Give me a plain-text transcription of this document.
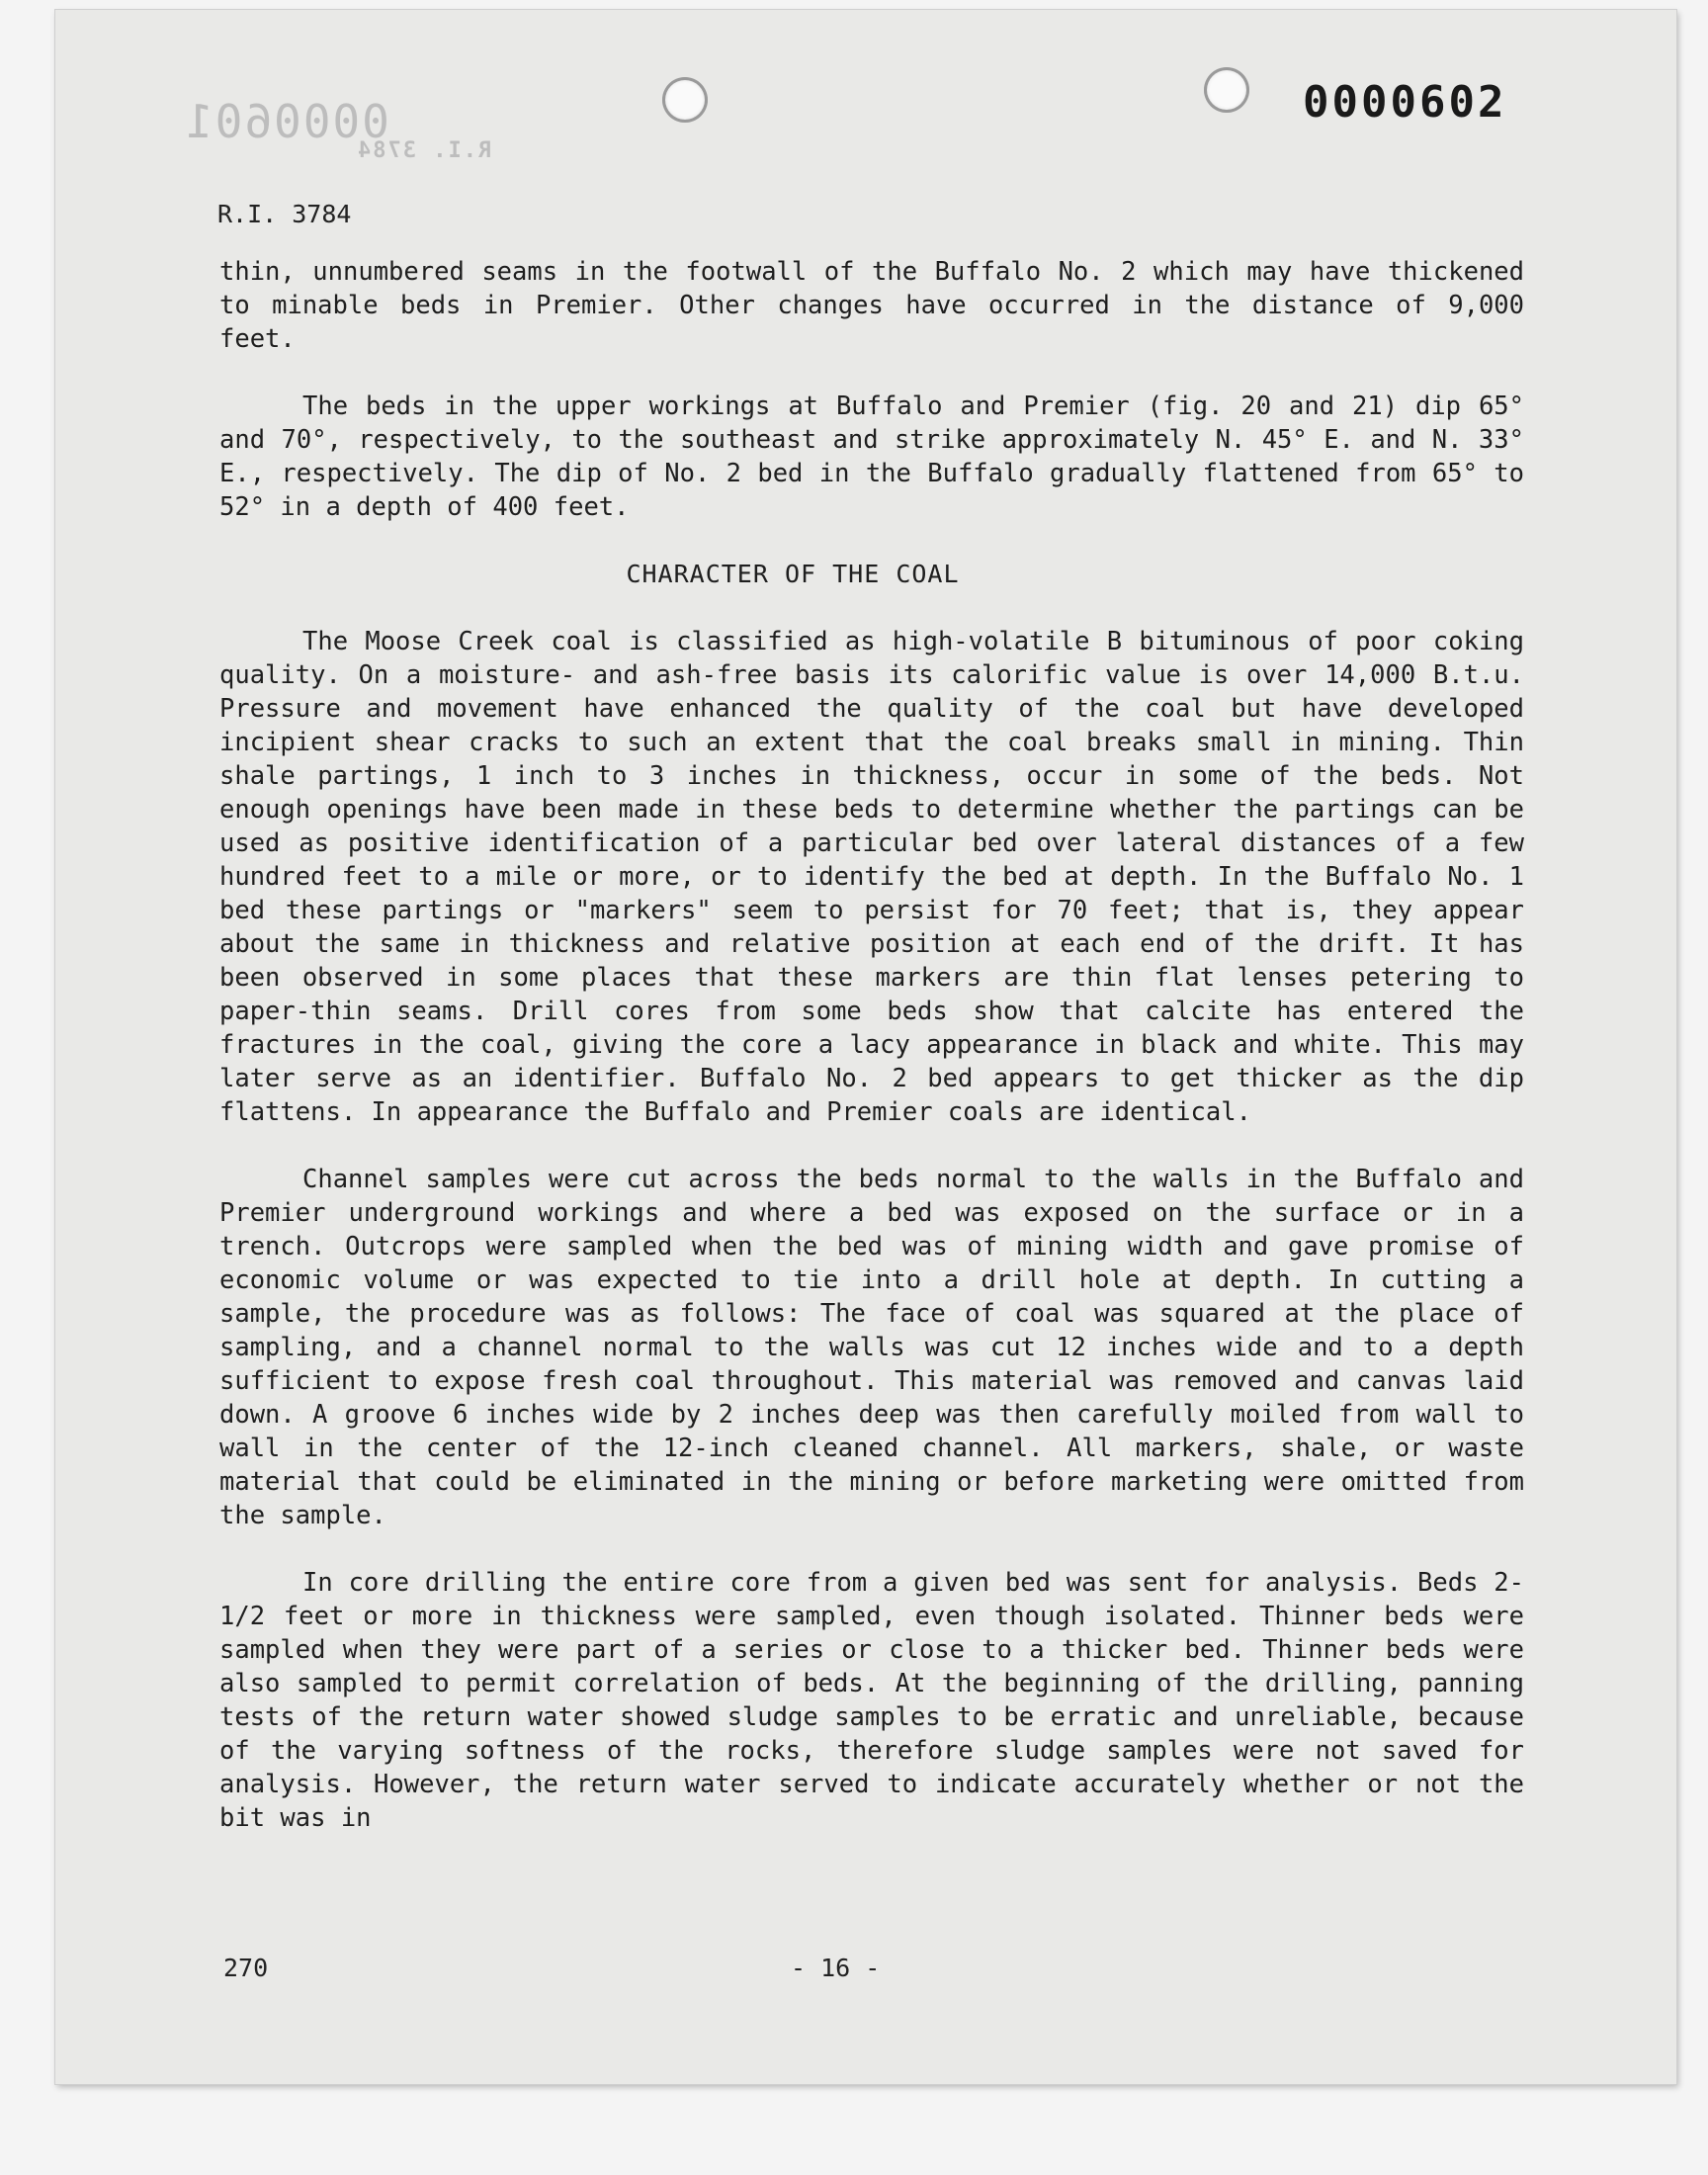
0000601
R.I. 3784
0000602
R.I. 3784

thin, unnumbered seams in the footwall of the Buffalo No. 2 which may have thickened to minable beds in Premier. Other changes have occurred in the distance of 9,000 feet.

The beds in the upper workings at Buffalo and Premier (fig. 20 and 21) dip 65° and 70°, respectively, to the southeast and strike approximately N. 45° E. and N. 33° E., respectively. The dip of No. 2 bed in the Buffalo gradually flattened from 65° to 52° in a depth of 400 feet.

CHARACTER OF THE COAL

The Moose Creek coal is classified as high-volatile B bituminous of poor coking quality. On a moisture- and ash-free basis its calorific value is over 14,000 B.t.u. Pressure and movement have enhanced the quality of the coal but have developed incipient shear cracks to such an extent that the coal breaks small in mining. Thin shale partings, 1 inch to 3 inches in thickness, occur in some of the beds. Not enough openings have been made in these beds to determine whether the partings can be used as positive identification of a particular bed over lateral distances of a few hundred feet to a mile or more, or to identify the bed at depth. In the Buffalo No. 1 bed these partings or "markers" seem to persist for 70 feet; that is, they appear about the same in thickness and relative position at each end of the drift. It has been observed in some places that these markers are thin flat lenses petering to paper-thin seams. Drill cores from some beds show that calcite has entered the fractures in the coal, giving the core a lacy appearance in black and white. This may later serve as an identifier. Buffalo No. 2 bed appears to get thicker as the dip flattens. In appearance the Buffalo and Premier coals are identical.

Channel samples were cut across the beds normal to the walls in the Buffalo and Premier underground workings and where a bed was exposed on the surface or in a trench. Outcrops were sampled when the bed was of mining width and gave promise of economic volume or was expected to tie into a drill hole at depth. In cutting a sample, the procedure was as follows: The face of coal was squared at the place of sampling, and a channel normal to the walls was cut 12 inches wide and to a depth sufficient to expose fresh coal throughout. This material was removed and canvas laid down. A groove 6 inches wide by 2 inches deep was then carefully moiled from wall to wall in the center of the 12-inch cleaned channel. All markers, shale, or waste material that could be eliminated in the mining or before marketing were omitted from the sample.

In core drilling the entire core from a given bed was sent for analysis. Beds 2-1/2 feet or more in thickness were sampled, even though isolated. Thinner beds were sampled when they were part of a series or close to a thicker bed. Thinner beds were also sampled to permit correlation of beds. At the beginning of the drilling, panning tests of the return water showed sludge samples to be erratic and unreliable, because of the varying softness of the rocks, therefore sludge samples were not saved for analysis. However, the return water served to indicate accurately whether or not the bit was in

270	- 16 -
